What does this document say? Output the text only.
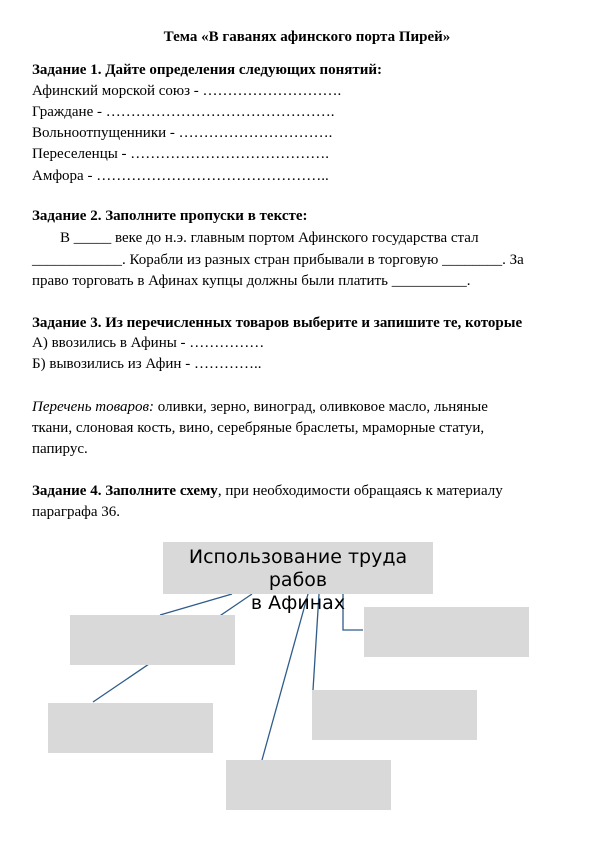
Тема «В гаванях афинского порта Пирей»
Задание 1. Дайте определения следующих понятий:
Афинский морской союз - ……………………….
Граждане - ……………………………………….
Вольноотпущенники - ………………………….
Переселенцы - ………………………………….
Амфора - ………………………………………..
Задание 2. Заполните пропуски в тексте:
В _____ веке до н.э. главным портом Афинского государства стал
____________. Корабли из разных стран прибывали в торговую ________. За
право торговать в Афинах купцы должны были платить __________.
Задание 3. Из перечисленных товаров выберите и запишите те, которые
А) ввозились в Афины - ……………
Б) вывозились из Афин - …………..
Перечень товаров: оливки, зерно, виноград, оливковое масло, льняные
ткани, слоновая кость, вино, серебряные браслеты, мраморные статуи,
папирус.
Задание 4. Заполните схему, при необходимости обращаясь к материалу
параграфа 36.
Использование труда рабов
в Афинах
